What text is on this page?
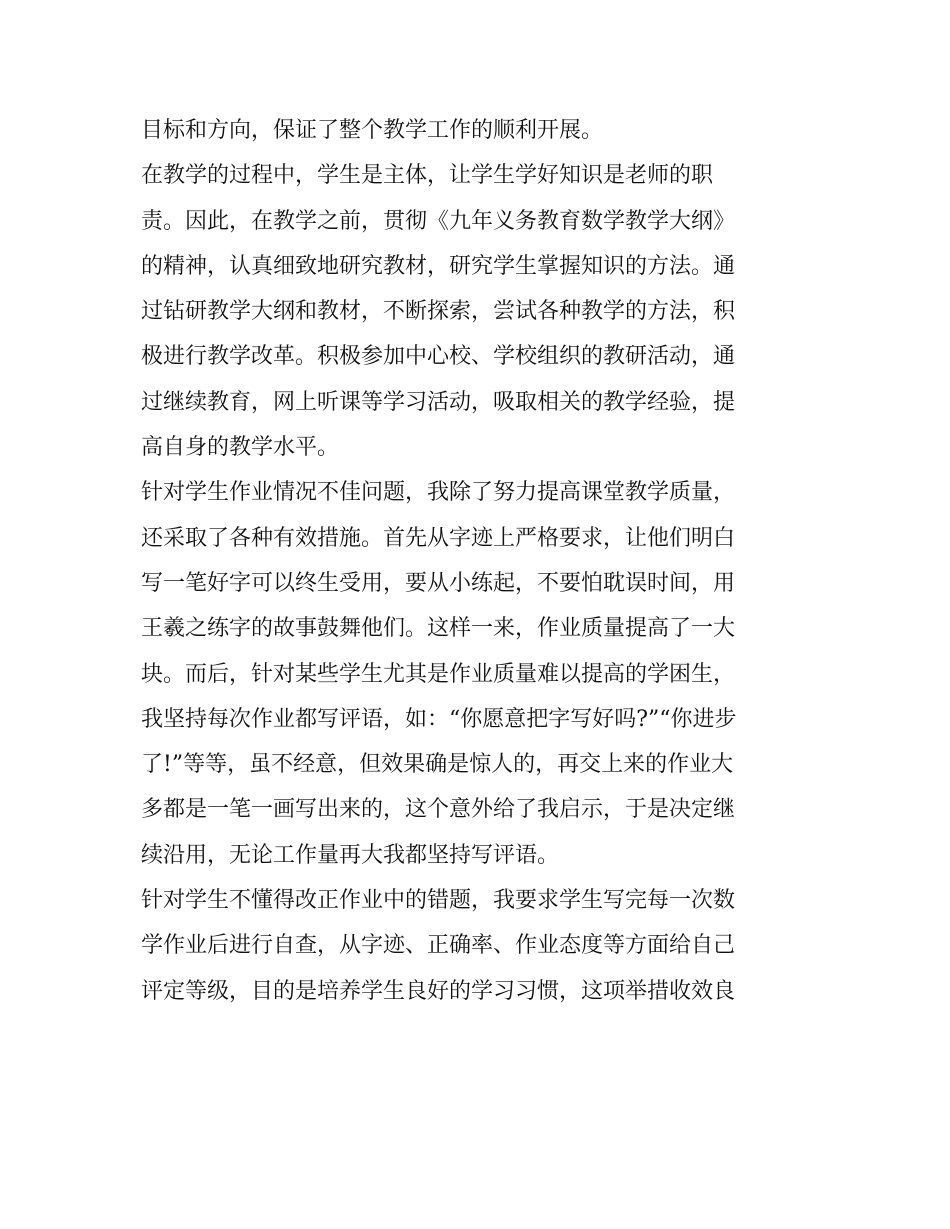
目标和方向，保证了整个教学工作的顺利开展。
在教学的过程中，学生是主体，让学生学好知识是老师的职
责。因此，在教学之前，贯彻《九年义务教育数学教学大纲》
的精神，认真细致地研究教材，研究学生掌握知识的方法。通
过钻研教学大纲和教材，不断探索，尝试各种教学的方法，积
极进行教学改革。积极参加中心校、学校组织的教研活动，通
过继续教育，网上听课等学习活动，吸取相关的教学经验，提
高自身的教学水平。
针对学生作业情况不佳问题，我除了努力提高课堂教学质量，
还采取了各种有效措施。首先从字迹上严格要求，让他们明白
写一笔好字可以终生受用，要从小练起，不要怕耽误时间，用
王羲之练字的故事鼓舞他们。这样一来，作业质量提高了一大
块。而后，针对某些学生尤其是作业质量难以提高的学困生，
我坚持每次作业都写评语，如：“你愿意把字写好吗?”“你进步
了!”等等，虽不经意，但效果确是惊人的，再交上来的作业大
多都是一笔一画写出来的，这个意外给了我启示，于是决定继
续沿用，无论工作量再大我都坚持写评语。
针对学生不懂得改正作业中的错题，我要求学生写完每一次数
学作业后进行自查，从字迹、正确率、作业态度等方面给自己
评定等级，目的是培养学生良好的学习习惯，这项举措收效良
